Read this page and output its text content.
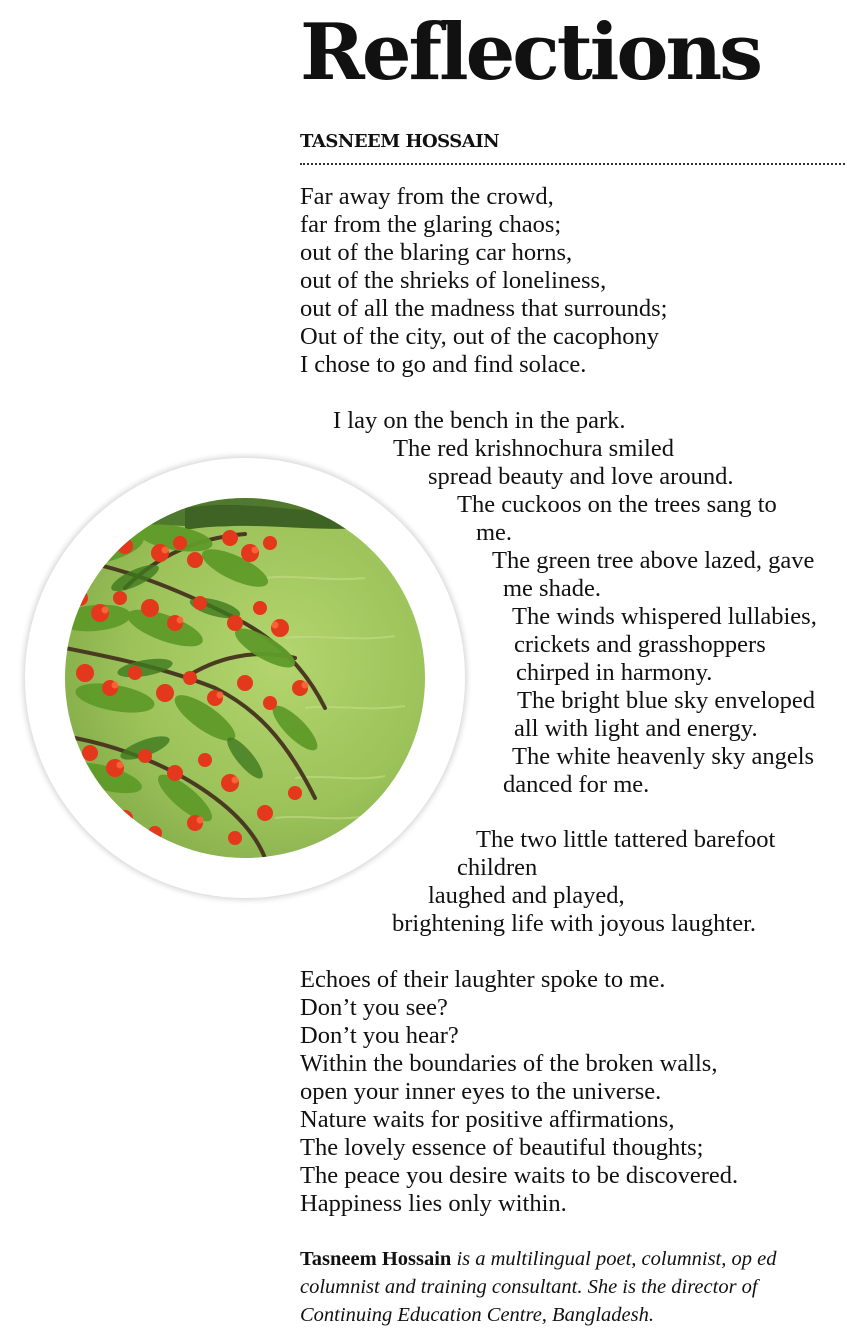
Reflections
TASNEEM HOSSAIN

Far away from the crowd,

far from the glaring chaos;

out of the blaring car horns,

out of the shrieks of loneliness,

out of all the madness that surrounds;

Out of the city, out of the cacophony

I chose to go and find solace.

I lay on the bench in the park.

The red krishnochura smiled

spread beauty and love around.

The cuckoos on the trees sang to

me.

The green tree above lazed, gave

me shade.

The winds whispered lullabies,

crickets and grasshoppers

chirped in harmony.

The bright blue sky enveloped

all with light and energy.

The white heavenly sky angels

danced for me.

The two little tattered barefoot

children

laughed and played,

brightening life with joyous laughter.

Echoes of their laughter spoke to me.

Don’t you see?

Don’t you hear?

Within the boundaries of the broken walls,

open your inner eyes to the universe.

Nature waits for positive affirmations,

The lovely essence of beautiful thoughts;

The peace you desire waits to be discovered.

Happiness lies only within.

Tasneem Hossain is a multilingual poet, columnist, op ed columnist and training consultant. She is the director of Continuing Education Centre, Bangladesh.
